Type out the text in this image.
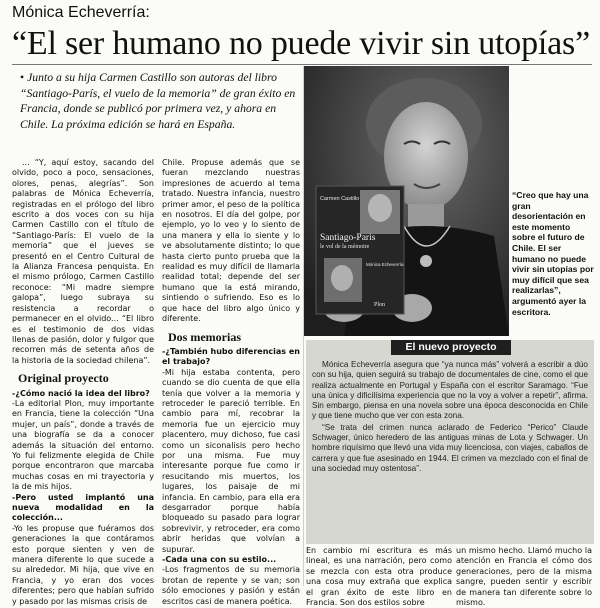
Mónica Echeverría:
“El ser humano no puede vivir sin utopías”
• Junto a su hija Carmen Castillo son autoras del libro “Santiago-París, el vuelo de la memoria” de gran éxito en Francia, donde se publicó por primera vez, y ahora en Chile. La próxima edición se hará en España.

... “Y, aquí estoy, sacando del olvido, poco a poco, sensaciones, olores, penas, alegrías”. Son palabras de Mónica Echeverría, registradas en el prólogo del libro escrito a dos voces con su hija Carmen Castillo con el título de “Santiago-París: El vuelo de la memoria” que el jueves se presentó en el Centro Cultural de la Alianza Francesa penquista. En el mismo prólogo, Carmen Castillo reconoce: “Mi madre siempre galopa”, luego subraya su resistencia a recordar o permanecer en el olvido... “El libro es el testimonio de dos vidas llenas de pasión, dolor y fulgor que recorren más de setenta años de la historia de la sociedad chilena”.

Original proyecto

-¿Cómo nació la idea del libro?

-La editorial Plon, muy importante en Francia, tiene la colección “Una mujer, un país”, donde a través de una biografía se da a conocer además la situación del entorno. Yo fui felizmente elegida de Chile porque encontraron que marcaba muchas cosas en mi trayectoria y la de mis hijos.

-Pero usted implantó una nueva modalidad en la colección...

-Yo les propuse que fuéramos dos generaciones la que contáramos esto porque sienten y ven de manera diferente lo que sucede a su alrededor. Mi hija, que vive en Francia, y yo eran dos voces diferentes; pero que habían sufrido y pasado por las mismas crisis de

Chile. Propuse además que se fueran mezclando nuestras impresiones de acuerdo al tema tratado. Nuestra infancia, nuestro primer amor, el peso de la política en nosotros. El día del golpe, por ejemplo, yo lo veo y lo siento de una manera y ella lo siente y lo ve absolutamente distinto; lo que hasta cierto punto prueba que la realidad es muy difícil de llamarla realidad total; depende del ser humano que la está mirando, sintiendo o sufriendo. Eso es lo que hace del libro algo único y diferente.

Dos memorias

-¿También hubo diferencias en el trabajo?

-Mi hija estaba contenta, pero cuando se dio cuenta de que ella tenía que volver a la memoria y retroceder le pareció terrible. En cambio para mí, recobrar la memoria fue un ejercicio muy placentero, muy dichoso, fue casi como un siconalisis pero hecho por una misma. Fue muy interesante porque fue como ir resucitando mis muertos, los lugares, los paisaje de mi infancia. En cambio, para ella era desgarrador porque había bloqueado su pasado para lograr sobrevivir, y retroceder, era como abrir heridas que volvían a supurar.

-Cada una con su estilo...

-Los fragmentos de su memoria brotan de repente y se van; son sólo emociones y pasión y están escritos casi de manera poética.

Carmen Castillo
Santiago-Paris
le vol de la mémoire
Mónica Echeverría
Plon
“Creo que hay una gran desorientación en este momento sobre el futuro de Chile. El ser humano no puede vivir sin utopías por muy difícil que sea realizarlas”, argumentó ayer la escritora.
El nuevo proyecto

Mónica Echeverría asegura que “ya nunca más” volverá a escribir a dúo con su hija, quien seguirá su trabajo de documentales de cine, como el que realiza actualmente en Portugal y España con el escritor Saramago. “Fue una única y dificilísima experiencia que no la voy a volver a repetir”, afirma. Sin embargo, piensa en una novela sobre una época desconocida en Chile y que tiene mucho que ver con esta zona.

“Se trata del crimen nunca aclarado de Federico “Perico” Claude Schwager, único heredero de las antiguas minas de Lota y Schwager. Un hombre riquísimo que llevó una vida muy licenciosa, con viajes, caballos de carrera y que fue asesinado en 1944. El crimen va mezclado con el final de una sociedad muy ostentosa”.

En cambio mi escritura es más lineal, es una narración, pero como se mezcla con esta otra produce una cosa muy extraña que explica el gran éxito de este libro en Francia. Son dos estilos sobre

un mismo hecho. Llamó mucho la atención en Francia el cómo dos generaciones, pero de la misma sangre, pueden sentir y escribir de manera tan diferente sobre lo mismo.
